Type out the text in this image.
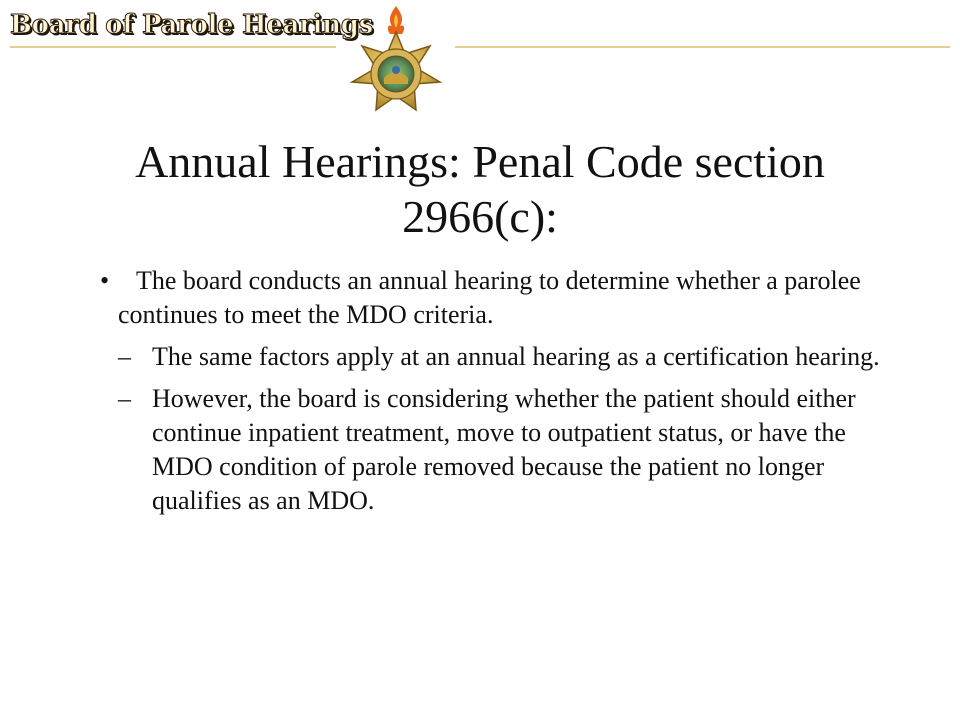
Board of Parole Hearings
Annual Hearings: Penal Code section
2966(c):
•	The board conducts an annual hearing to determine whether a parolee continues to meet the MDO criteria.
– The same factors apply at an annual hearing as a certification hearing.
– However, the board is considering whether the patient should either continue inpatient treatment, move to outpatient status, or have the MDO condition of parole removed because the patient no longer qualifies as an MDO.
